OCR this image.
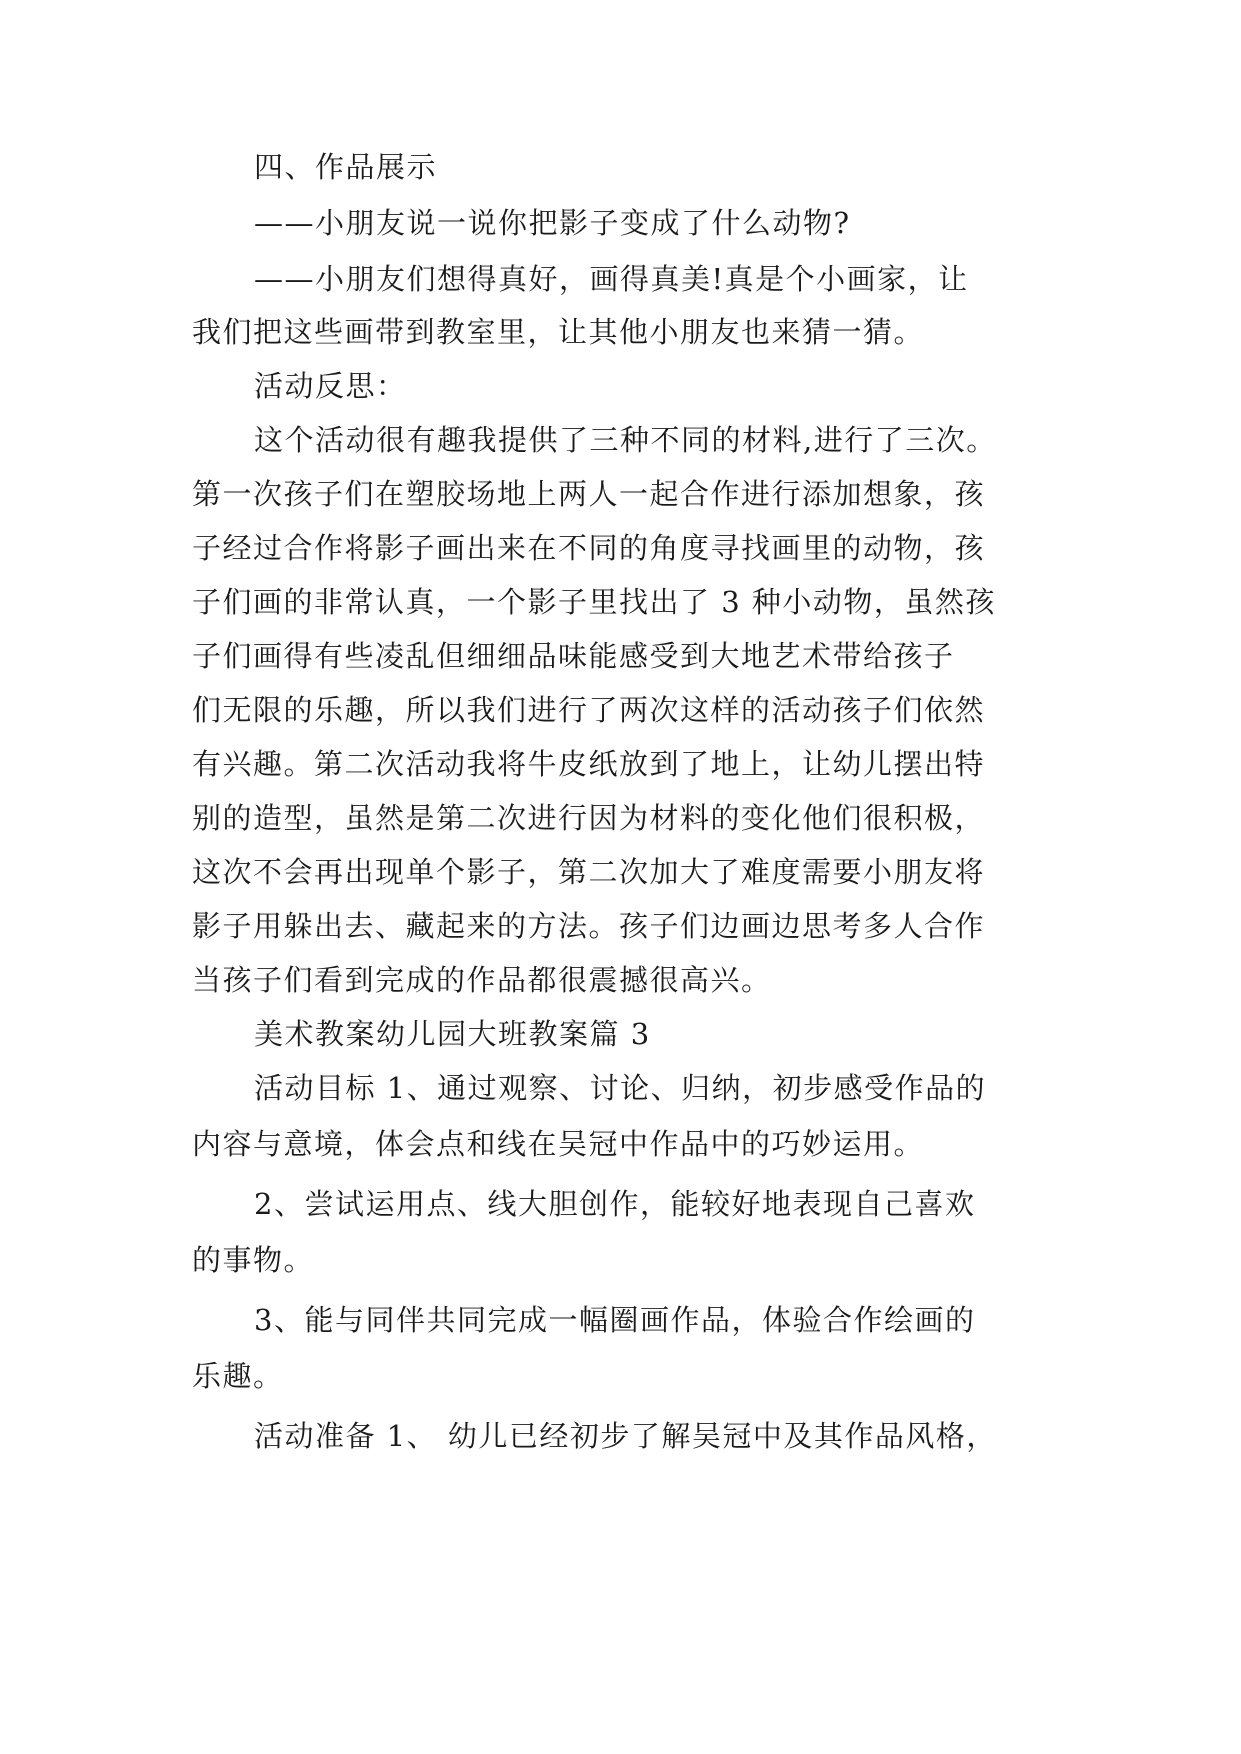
四、作品展示
——小朋友说一说你把影子变成了什么动物?
——小朋友们想得真好，画得真美!真是个小画家，让
我们把这些画带到教室里，让其他小朋友也来猜一猜。
活动反思：
这个活动很有趣我提供了三种不同的材料,进行了三次。
第一次孩子们在塑胶场地上两人一起合作进行添加想象，孩
子经过合作将影子画出来在不同的角度寻找画里的动物，孩
子们画的非常认真，一个影子里找出了 3 种小动物，虽然孩
子们画得有些凌乱但细细品味能感受到大地艺术带给孩子
们无限的乐趣，所以我们进行了两次这样的活动孩子们依然
有兴趣。第二次活动我将牛皮纸放到了地上，让幼儿摆出特
别的造型，虽然是第二次进行因为材料的变化他们很积极，
这次不会再出现单个影子，第二次加大了难度需要小朋友将
影子用躲出去、藏起来的方法。孩子们边画边思考多人合作
当孩子们看到完成的作品都很震撼很高兴。
美术教案幼儿园大班教案篇 3
活动目标 1、通过观察、讨论、归纳，初步感受作品的
内容与意境，体会点和线在吴冠中作品中的巧妙运用。
2、尝试运用点、线大胆创作，能较好地表现自己喜欢
的事物。
3、能与同伴共同完成一幅圈画作品，体验合作绘画的
乐趣。
活动准备 1、 幼儿已经初步了解吴冠中及其作品风格，
